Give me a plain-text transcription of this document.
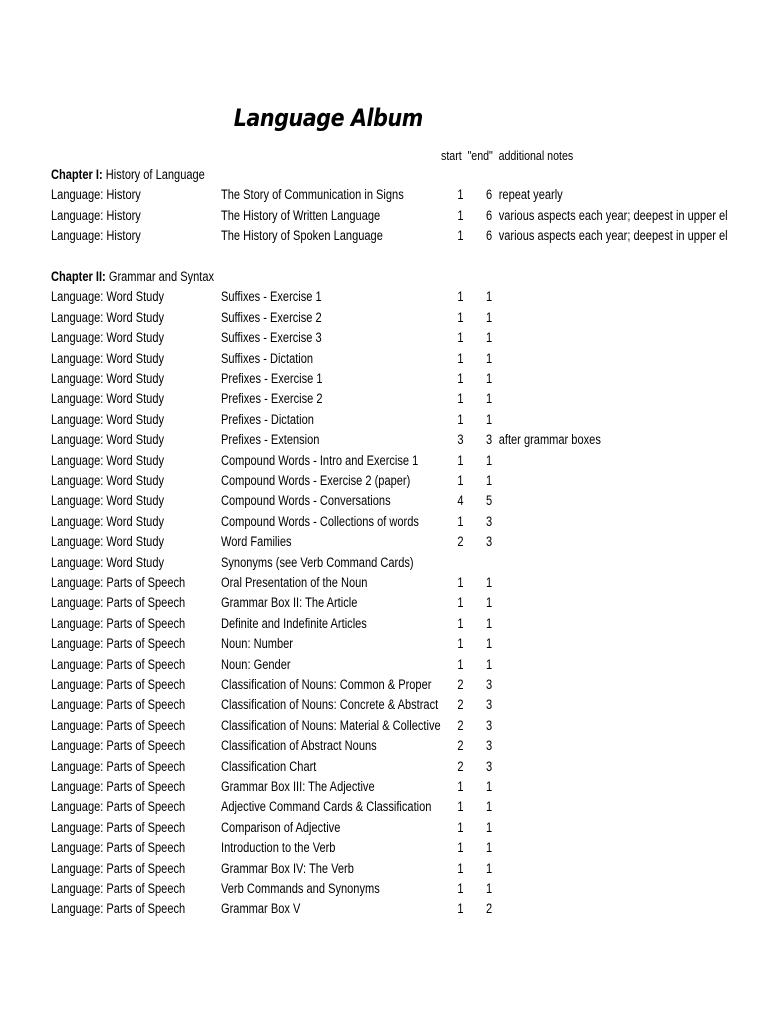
Language Album
start "end" additional notes
Chapter I: History of Language
Language: History	The Story of Communication in Signs	1 6 repeat yearly
Language: History	The History of Written Language	1 6 various aspects each year; deepest in upper el
Language: History	The History of Spoken Language	1 6 various aspects each year; deepest in upper el
Chapter II: Grammar and Syntax
Language: Word Study	Suffixes - Exercise 1	1 1
Language: Word Study	Suffixes - Exercise 2	1 1
Language: Word Study	Suffixes - Exercise 3	1 1
Language: Word Study	Suffixes - Dictation	1 1
Language: Word Study	Prefixes - Exercise 1	1 1
Language: Word Study	Prefixes - Exercise 2	1 1
Language: Word Study	Prefixes - Dictation	1 1
Language: Word Study	Prefixes - Extension	3 3 after grammar boxes
Language: Word Study	Compound Words - Intro and Exercise 1	1 1
Language: Word Study	Compound Words - Exercise 2 (paper)	1 1
Language: Word Study	Compound Words - Conversations	4 5
Language: Word Study	Compound Words - Collections of words	1 3
Language: Word Study	Word Families	2 3
Language: Word Study	Synonyms (see Verb Command Cards)
Language: Parts of Speech	Oral Presentation of the Noun	1 1
Language: Parts of Speech	Grammar Box II: The Article	1 1
Language: Parts of Speech	Definite and Indefinite Articles	1 1
Language: Parts of Speech	Noun: Number	1 1
Language: Parts of Speech	Noun: Gender	1 1
Language: Parts of Speech	Classification of Nouns: Common & Proper 2 3
Language: Parts of Speech	Classification of Nouns: Concrete & Abstract 2 3
Language: Parts of Speech	Classification of Nouns: Material & Collective 2 3
Language: Parts of Speech	Classification of Abstract Nouns	2 3
Language: Parts of Speech	Classification Chart	2 3
Language: Parts of Speech	Grammar Box III: The Adjective	1 1
Language: Parts of Speech	Adjective Command Cards & Classification 1 1
Language: Parts of Speech	Comparison of Adjective	1 1
Language: Parts of Speech	Introduction to the Verb	1 1
Language: Parts of Speech	Grammar Box IV: The Verb	1 1
Language: Parts of Speech	Verb Commands and Synonyms	1 1
Language: Parts of Speech	Grammar Box V	1 2
